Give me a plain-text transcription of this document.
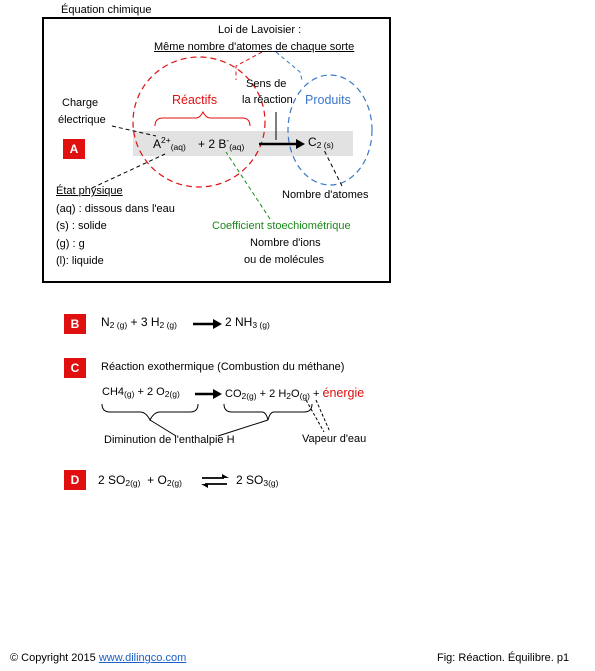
Équation chimique
A
Loi de Lavoisier :
Même nombre d'atomes de chaque sorte
Réactifs	Produits
Sens de
la réaction
Charge
électrique
$A^{2+}_{(aq)} + 2$ $B^-_{(aq)}$	$C_{2 (s)}$
État physique
(aq) : dissous dans l'eau
(s) : solide
(g) : g
(l): liquide
Nombre d'atomes
Coefficient stoechiométrique
Nombre d'ions
ou de molécules
B	$N_{2 (g)} + 3$ $H_{2 (g)}$	2 $NH_{3 (g)}$
C	Réaction exothermique (Combustion du méthane)
$CH4_{(g)} + 2$ $O_{2(g)}$	$CO_{2(g)} + 2$ $H_2O_{(g)}$ + énergie
Diminution de l'enthalpie H	Vapeur d'eau
D	2 $SO_{2(g)} + O_{2(g)}$	2 $SO_{3(g)}$
© Copyright 2015 www.dilingco.com	Fig: Réaction. Équilibre. p1
